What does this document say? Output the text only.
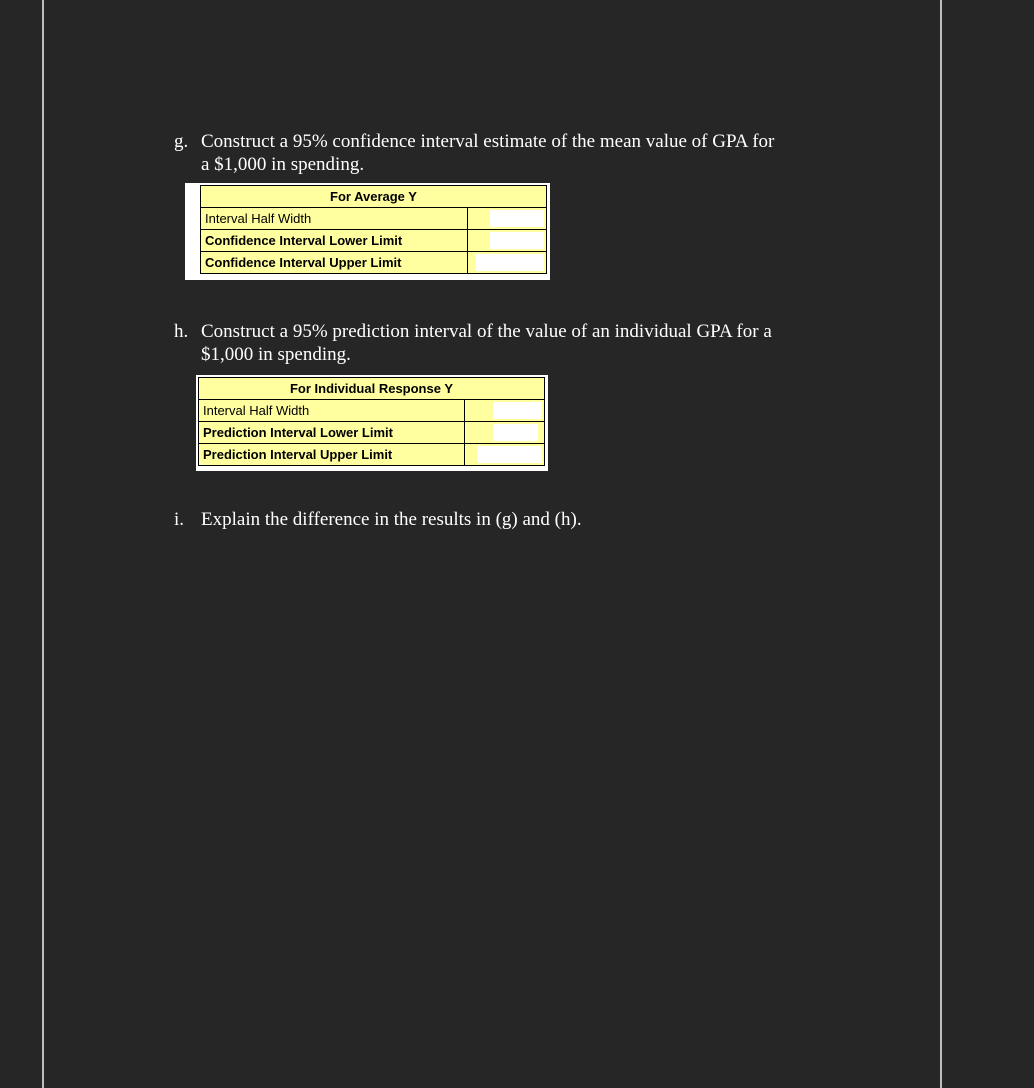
g. Construct a 95% confidence interval estimate of the mean value of GPA for
a $1,000 in spending.
For Average Y	
Interval Half Width	

Confidence Interval Lower Limit	

Confidence Interval Upper Limit	
h. Construct a 95% prediction interval of the value of an individual GPA for a
$1,000 in spending.
For Individual Response Y	
Interval Half Width	

Prediction Interval Lower Limit	

Prediction Interval Upper Limit	
i. Explain the difference in the results in (g) and (h).
